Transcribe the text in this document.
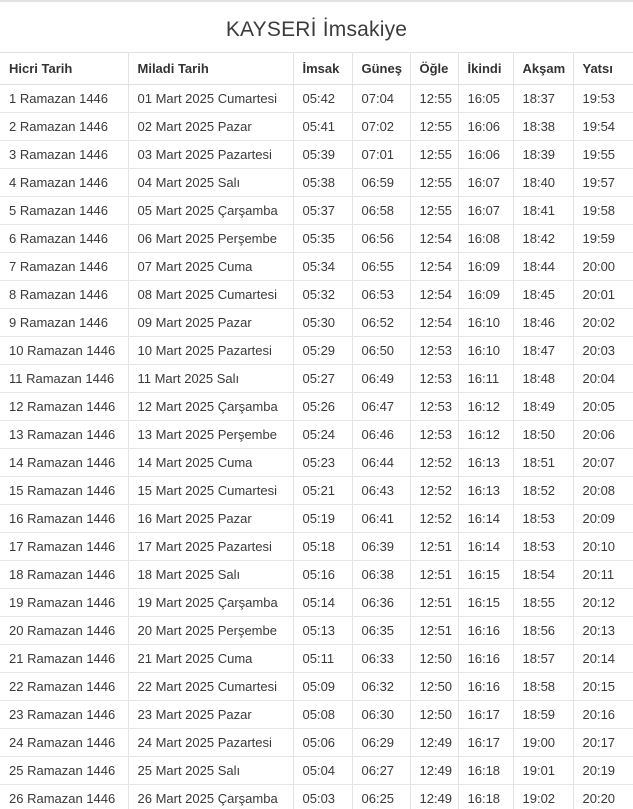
KAYSERİ İmsakiye
Hicri Tarih	Miladi Tarih	İmsak	Güneş	Öğle	İkindi	Akşam	Yatsı
1 Ramazan 1446	01 Mart 2025 Cumartesi	05:42	07:04	12:55	16:05	18:37	19:53
2 Ramazan 1446	02 Mart 2025 Pazar	05:41	07:02	12:55	16:06	18:38	19:54
3 Ramazan 1446	03 Mart 2025 Pazartesi	05:39	07:01	12:55	16:06	18:39	19:55
4 Ramazan 1446	04 Mart 2025 Salı	05:38	06:59	12:55	16:07	18:40	19:57
5 Ramazan 1446	05 Mart 2025 Çarşamba	05:37	06:58	12:55	16:07	18:41	19:58
6 Ramazan 1446	06 Mart 2025 Perşembe	05:35	06:56	12:54	16:08	18:42	19:59
7 Ramazan 1446	07 Mart 2025 Cuma	05:34	06:55	12:54	16:09	18:44	20:00
8 Ramazan 1446	08 Mart 2025 Cumartesi	05:32	06:53	12:54	16:09	18:45	20:01
9 Ramazan 1446	09 Mart 2025 Pazar	05:30	06:52	12:54	16:10	18:46	20:02
10 Ramazan 1446	10 Mart 2025 Pazartesi	05:29	06:50	12:53	16:10	18:47	20:03
11 Ramazan 1446	11 Mart 2025 Salı	05:27	06:49	12:53	16:11	18:48	20:04
12 Ramazan 1446	12 Mart 2025 Çarşamba	05:26	06:47	12:53	16:12	18:49	20:05
13 Ramazan 1446	13 Mart 2025 Perşembe	05:24	06:46	12:53	16:12	18:50	20:06
14 Ramazan 1446	14 Mart 2025 Cuma	05:23	06:44	12:52	16:13	18:51	20:07
15 Ramazan 1446	15 Mart 2025 Cumartesi	05:21	06:43	12:52	16:13	18:52	20:08
16 Ramazan 1446	16 Mart 2025 Pazar	05:19	06:41	12:52	16:14	18:53	20:09
17 Ramazan 1446	17 Mart 2025 Pazartesi	05:18	06:39	12:51	16:14	18:53	20:10
18 Ramazan 1446	18 Mart 2025 Salı	05:16	06:38	12:51	16:15	18:54	20:11
19 Ramazan 1446	19 Mart 2025 Çarşamba	05:14	06:36	12:51	16:15	18:55	20:12
20 Ramazan 1446	20 Mart 2025 Perşembe	05:13	06:35	12:51	16:16	18:56	20:13
21 Ramazan 1446	21 Mart 2025 Cuma	05:11	06:33	12:50	16:16	18:57	20:14
22 Ramazan 1446	22 Mart 2025 Cumartesi	05:09	06:32	12:50	16:16	18:58	20:15
23 Ramazan 1446	23 Mart 2025 Pazar	05:08	06:30	12:50	16:17	18:59	20:16
24 Ramazan 1446	24 Mart 2025 Pazartesi	05:06	06:29	12:49	16:17	19:00	20:17
25 Ramazan 1446	25 Mart 2025 Salı	05:04	06:27	12:49	16:18	19:01	20:19
26 Ramazan 1446	26 Mart 2025 Çarşamba	05:03	06:25	12:49	16:18	19:02	20:20
